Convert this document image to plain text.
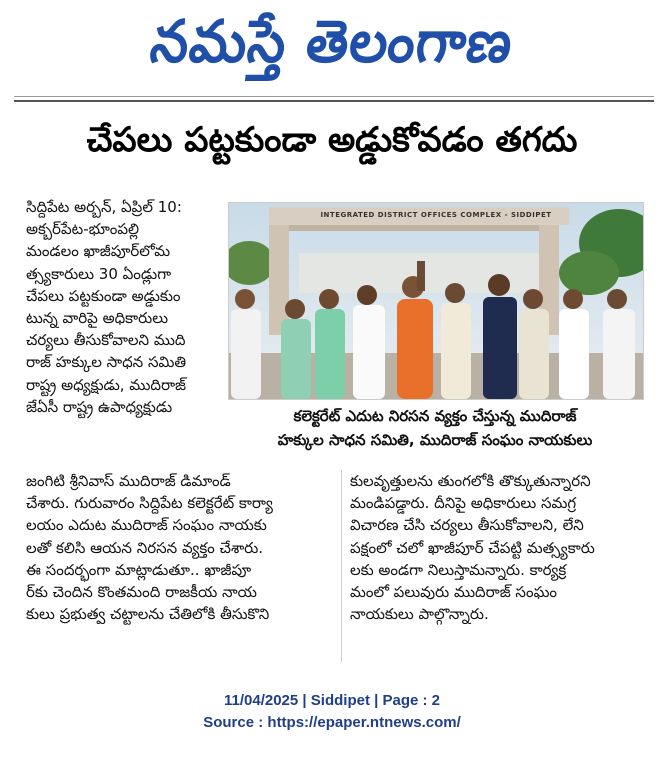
నమస్తే తెలంగాణ
చేపలు పట్టకుండా అడ్డుకోవడం తగదు

సిద్దిపేట అర్బన్, ఏప్రిల్ 10:
అక్బర్‌పేట-భూంపల్లి
మండలం ఖాజీపూర్‌లోమ
త్స్యకారులు 30 ఏండ్లుగా
చేపలు పట్టకుండా అడ్డుకుం
టున్న వారిపై అధికారులు
చర్యలు తీసుకోవాలని ముది
రాజ్ హక్కుల సాధన సమితి
రాష్ట్ర అధ్యక్షుడు, ముదిరాజ్
జేఏసీ రాష్ట్ర ఉపాధ్యక్షుడు

INTEGRATED DISTRICT OFFICES COMPLEX - SIDDIPET

కలెక్టరేట్ ఎదుట నిరసన వ్యక్తం చేస్తున్న ముదిరాజ్
హక్కుల సాధన సమితి, ముదిరాజ్ సంఘం నాయకులు

జంగిటి శ్రీనివాస్ ముదిరాజ్ డిమాండ్
చేశారు. గురువారం సిద్దిపేట కలెక్టరేట్ కార్యా
లయం ఎదుట ముదిరాజ్ సంఘం నాయకు
లతో కలిసి ఆయన నిరసన వ్యక్తం చేశారు.
ఈ సందర్భంగా మాట్లాడుతూ.. ఖాజీపూ
ర్‌కు చెందిన కొంతమంది రాజకీయ నాయ
కులు ప్రభుత్వ చట్టాలను చేతిలోకి తీసుకొని

కులవృత్తులను తుంగలోకి తొక్కుతున్నారని
మండిపడ్డారు. దీనిపై అధికారులు సమగ్ర
విచారణ చేసి చర్యలు తీసుకోవాలని, లేని
పక్షంలో చలో ఖాజీపూర్ చేపట్టి మత్స్యకారు
లకు అండగా నిలుస్తామన్నారు. కార్యక్ర
మంలో పలువురు ముదిరాజ్ సంఘం
నాయకులు పాల్గొన్నారు.

11/04/2025 | Siddipet | Page : 2
Source : https://epaper.ntnews.com/
